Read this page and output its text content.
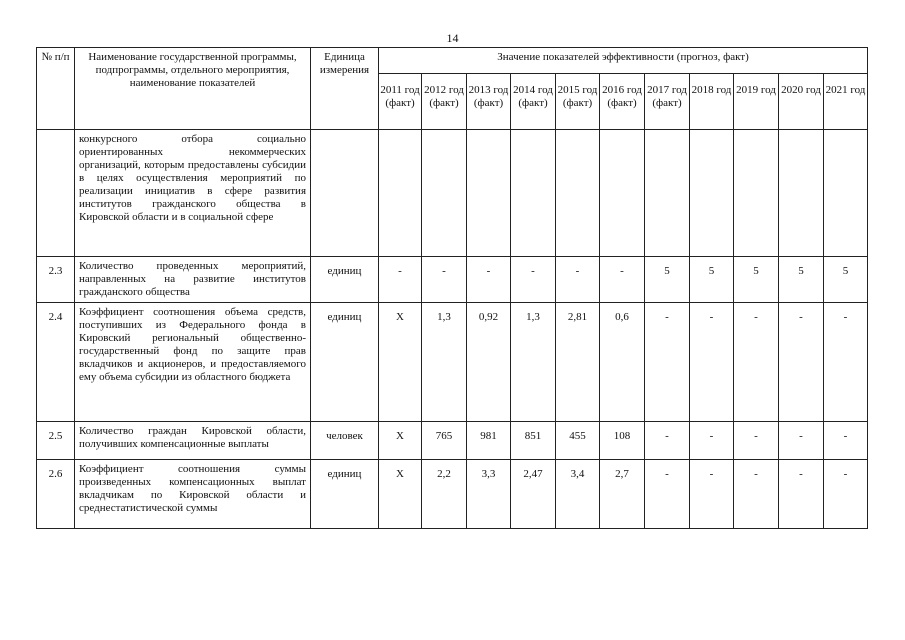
14
№ п/п	Наименование государственной программы, подпрограммы, отдельного мероприятия, наименование показателей	Единица измерения	Значение показателей эффективности (прогноз, факт)										
			2011 год (факт)	2012 год (факт)	2013 год (факт)	2014 год (факт)	2015 год (факт)	2016 год (факт)	2017 год (факт)	2018 год	2019 год	2020 год	2021 год
	конкурсного отбора социально ориентированных некоммерческих организаций, которым предоставлены субсидии в целях осуществления мероприятий по реализации инициатив в сфере развития институтов гражданского общества в Кировской области и в социальной сфере												
2.3	Количество проведенных мероприятий, направленных на развитие институтов гражданского общества	единиц	-	-	-	-	-	-	5	5	5	5	5
2.4	Коэффициент соотношения объема средств, поступивших из Федерального фонда в Кировский региональный общественно-государственный фонд по защите прав вкладчиков и акционеров, и предоставляемого ему объема субсидии из областного бюджета	единиц	Х	1,3	0,92	1,3	2,81	0,6	-	-	-	-	-
2.5	Количество граждан Кировской области, получивших компенсационные выплаты	человек	Х	765	981	851	455	108	-	-	-	-	-
2.6	Коэффициент соотношения суммы произведенных компенсационных выплат вкладчикам по Кировской области и среднестатистической суммы	единиц	Х	2,2	3,3	2,47	3,4	2,7	-	-	-	-	-
